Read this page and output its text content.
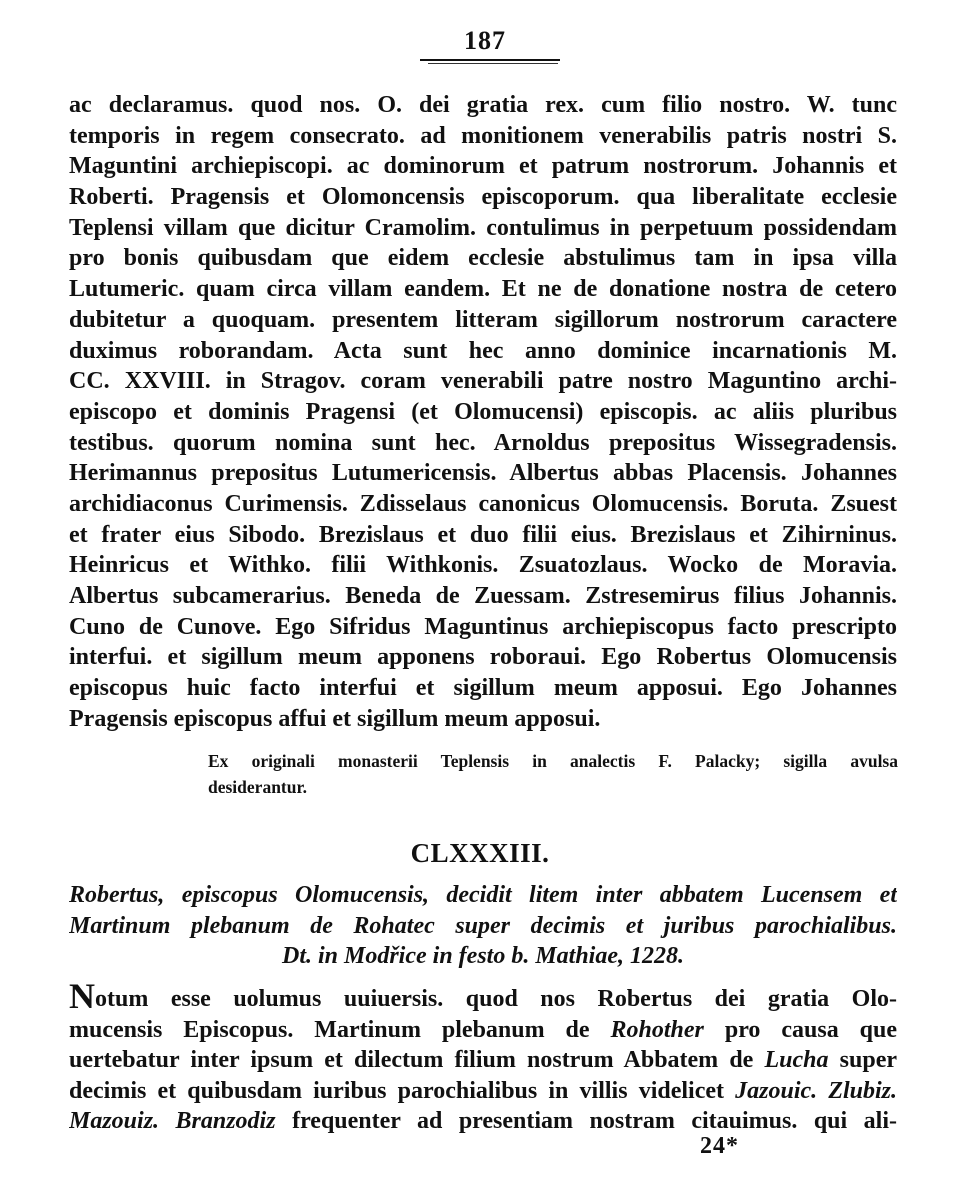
187
ac declaramus. quod nos. O. dei gratia rex. cum filio nostro. W. tunc
temporis in regem consecrato. ad monitionem venerabilis patris nostri S.
Maguntini archiepiscopi. ac dominorum et patrum nostrorum. Johannis et
Roberti. Pragensis et Olomoncensis episcoporum. qua liberalitate ecclesie
Teplensi villam que dicitur Cramolim. contulimus in perpetuum possidendam
pro bonis quibusdam que eidem ecclesie abstulimus tam in ipsa villa
Lutumeric. quam circa villam eandem. Et ne de donatione nostra de cetero
dubitetur a quoquam. presentem litteram sigillorum nostrorum caractere
duximus roborandam. Acta sunt hec anno dominice incarnationis M.
CC. XXVIII. in Stragov. coram venerabili patre nostro Maguntino archi-
episcopo et dominis Pragensi (et Olomucensi) episcopis. ac aliis pluribus
testibus. quorum nomina sunt hec. Arnoldus prepositus Wissegradensis.
Herimannus prepositus Lutumericensis. Albertus abbas Placensis. Johannes
archidiaconus Curimensis. Zdisselaus canonicus Olomucensis. Boruta. Zsuest
et frater eius Sibodo. Brezislaus et duo filii eius. Brezislaus et Zihirninus.
Heinricus et Withko. filii Withkonis. Zsuatozlaus. Wocko de Moravia.
Albertus subcamerarius. Beneda de Zuessam. Zstresemirus filius Johannis.
Cuno de Cunove. Ego Sifridus Maguntinus archiepiscopus facto prescripto
interfui. et sigillum meum apponens roboraui. Ego Robertus Olomucensis
episcopus huic facto interfui et sigillum meum apposui. Ego Johannes
Pragensis episcopus affui et sigillum meum apposui.
Ex originali monasterii Teplensis in analectis F. Palacky; sigilla avulsa
desiderantur.
CLXXXIII.
Robertus, episcopus Olomucensis, decidit litem inter abbatem Lucensem et
Martinum plebanum de Rohatec super decimis et juribus parochialibus.
Dt. in Modřice in festo b. Mathiae, 1228.
Notum esse uolumus uuiuersis. quod nos Robertus dei gratia Olo-
mucensis Episcopus. Martinum plebanum de Rohother pro causa que
uertebatur inter ipsum et dilectum filium nostrum Abbatem de Lucha super
decimis et quibusdam iuribus parochialibus in villis videlicet Jazouic. Zlubiz.
Mazouiz. Branzodiz frequenter ad presentiam nostram citauimus. qui ali-
24*
